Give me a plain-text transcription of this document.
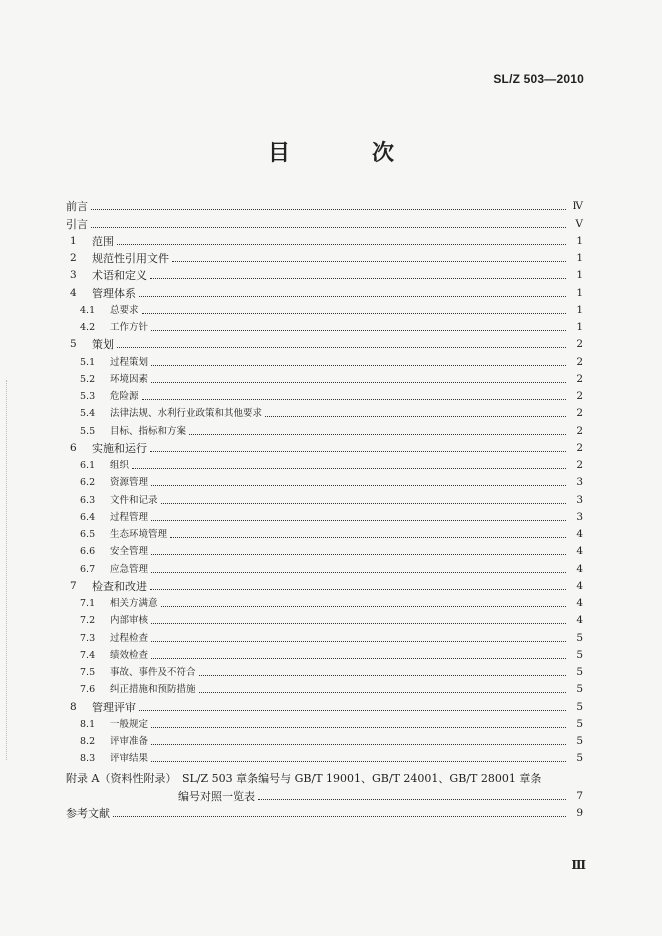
SL/Z 503—2010
目　次
前言	Ⅳ
引言	Ⅴ
1	范围	1
2	规范性引用文件	1
3	术语和定义	1
4	管理体系	1
4.1	总要求	1
4.2	工作方针	1
5	策划	2
5.1	过程策划	2
5.2	环境因素	2
5.3	危险源	2
5.4	法律法规、水利行业政策和其他要求	2
5.5	目标、指标和方案	2
6	实施和运行	2
6.1	组织	2
6.2	资源管理	3
6.3	文件和记录	3
6.4	过程管理	3
6.5	生态环境管理	4
6.6	安全管理	4
6.7	应急管理	4
7	检查和改进	4
7.1	相关方满意	4
7.2	内部审核	4
7.3	过程检查	5
7.4	绩效检查	5
7.5	事故、事件及不符合	5
7.6	纠正措施和预防措施	5
8	管理评审	5
8.1	一般规定	5
8.2	评审准备	5
8.3	评审结果	5
附录 A（资料性附录）　SL/Z 503 章条编号与 GB/T 19001、GB/T 24001、GB/T 28001 章条
编号对照一览表	7
参考文献	9
Ⅲ
